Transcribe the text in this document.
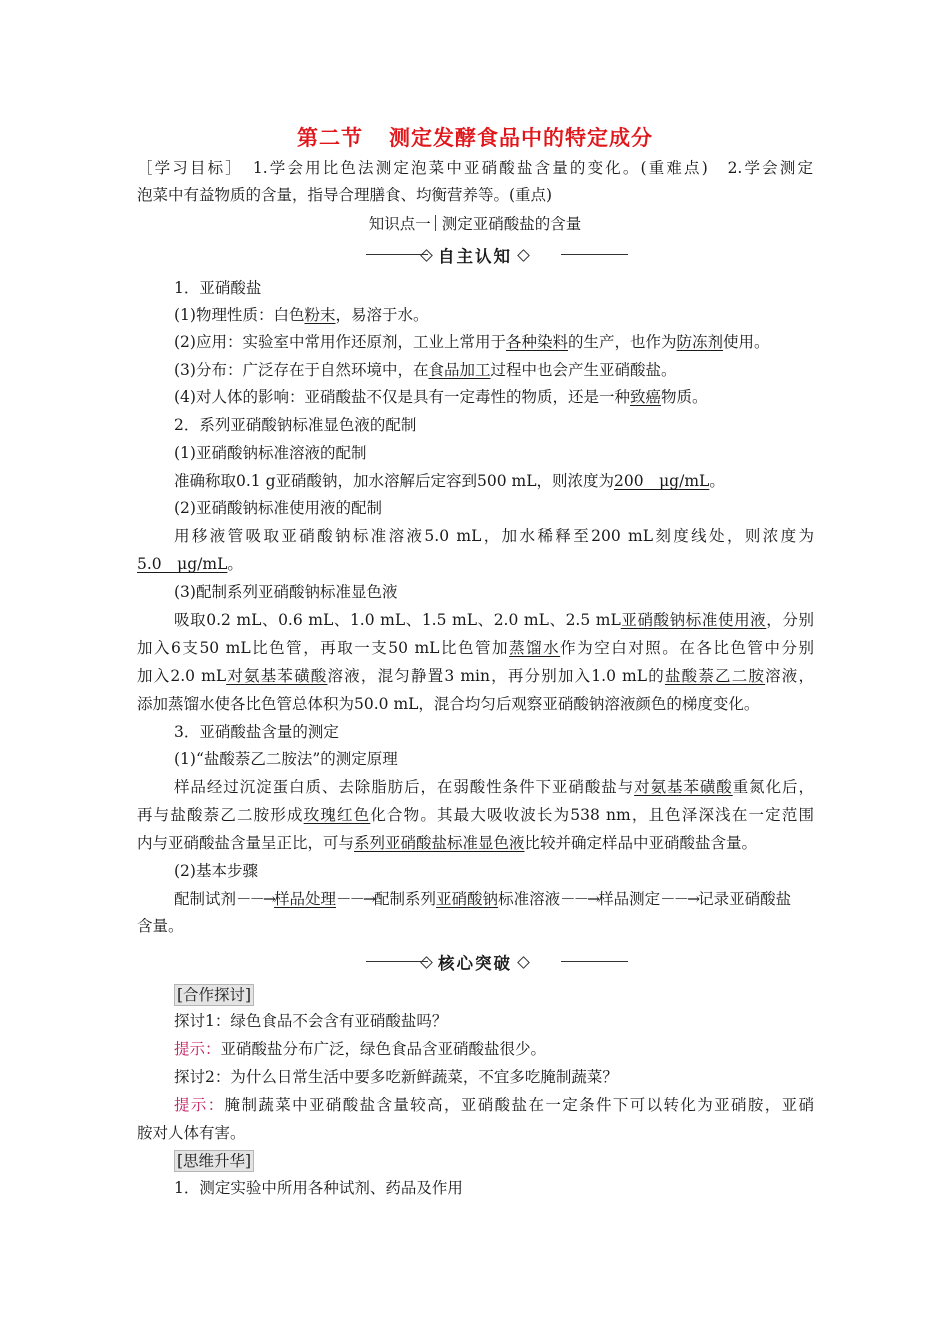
第二节 测定发酵食品中的特定成分
［学习目标］　1.学会用比色法测定泡菜中亚硝酸盐含量的变化。(重难点)　2.学会测定
泡菜中有益物质的含量，指导合理膳食、均衡营养等。(重点)
知识点一 测定亚硝酸盐的含量
自主认知
1．亚硝酸盐
(1)物理性质：白色粉末，易溶于水。
(2)应用：实验室中常用作还原剂，工业上常用于各种染料的生产，也作为防冻剂使用。
(3)分布：广泛存在于自然环境中，在食品加工过程中也会产生亚硝酸盐。
(4)对人体的影响：亚硝酸盐不仅是具有一定毒性的物质，还是一种致癌物质。
2．系列亚硝酸钠标准显色液的配制
(1)亚硝酸钠标准溶液的配制
准确称取0.1 g亚硝酸钠，加水溶解后定容到500 mL，则浓度为200　μg/mL。
(2)亚硝酸钠标准使用液的配制
用移液管吸取亚硝酸钠标准溶液5.0 mL，加水稀释至200 mL刻度线处，则浓度为
5.0　μg/mL。
(3)配制系列亚硝酸钠标准显色液
吸取0.2 mL、0.6 mL、1.0 mL、1.5 mL、2.0 mL、2.5 mL亚硝酸钠标准使用液，分别
加入6支50 mL比色管，再取一支50 mL比色管加蒸馏水作为空白对照。在各比色管中分别
加入2.0 mL对氨基苯磺酸溶液，混匀静置3 min，再分别加入1.0 mL的盐酸萘乙二胺溶液，
添加蒸馏水使各比色管总体积为50.0 mL，混合均匀后观察亚硝酸钠溶液颜色的梯度变化。
3．亚硝酸盐含量的测定
(1)“盐酸萘乙二胺法”的测定原理
样品经过沉淀蛋白质、去除脂肪后，在弱酸性条件下亚硝酸盐与对氨基苯磺酸重氮化后，
再与盐酸萘乙二胺形成玫瑰红色化合物。其最大吸收波长为538 nm，且色泽深浅在一定范围
内与亚硝酸盐含量呈正比，可与系列亚硝酸盐标准显色液比较并确定样品中亚硝酸盐含量。
(2)基本步骤
配制试剂－－→样品处理－－→配制系列亚硝酸钠标准溶液－－→样品测定－－→记录亚硝酸盐
含量。
核心突破
[合作探讨]
探讨1：绿色食品不会含有亚硝酸盐吗？
提示：亚硝酸盐分布广泛，绿色食品含亚硝酸盐很少。
探讨2：为什么日常生活中要多吃新鲜蔬菜，不宜多吃腌制蔬菜？
提示：腌制蔬菜中亚硝酸盐含量较高，亚硝酸盐在一定条件下可以转化为亚硝胺，亚硝
胺对人体有害。
[思维升华]
1．测定实验中所用各种试剂、药品及作用
